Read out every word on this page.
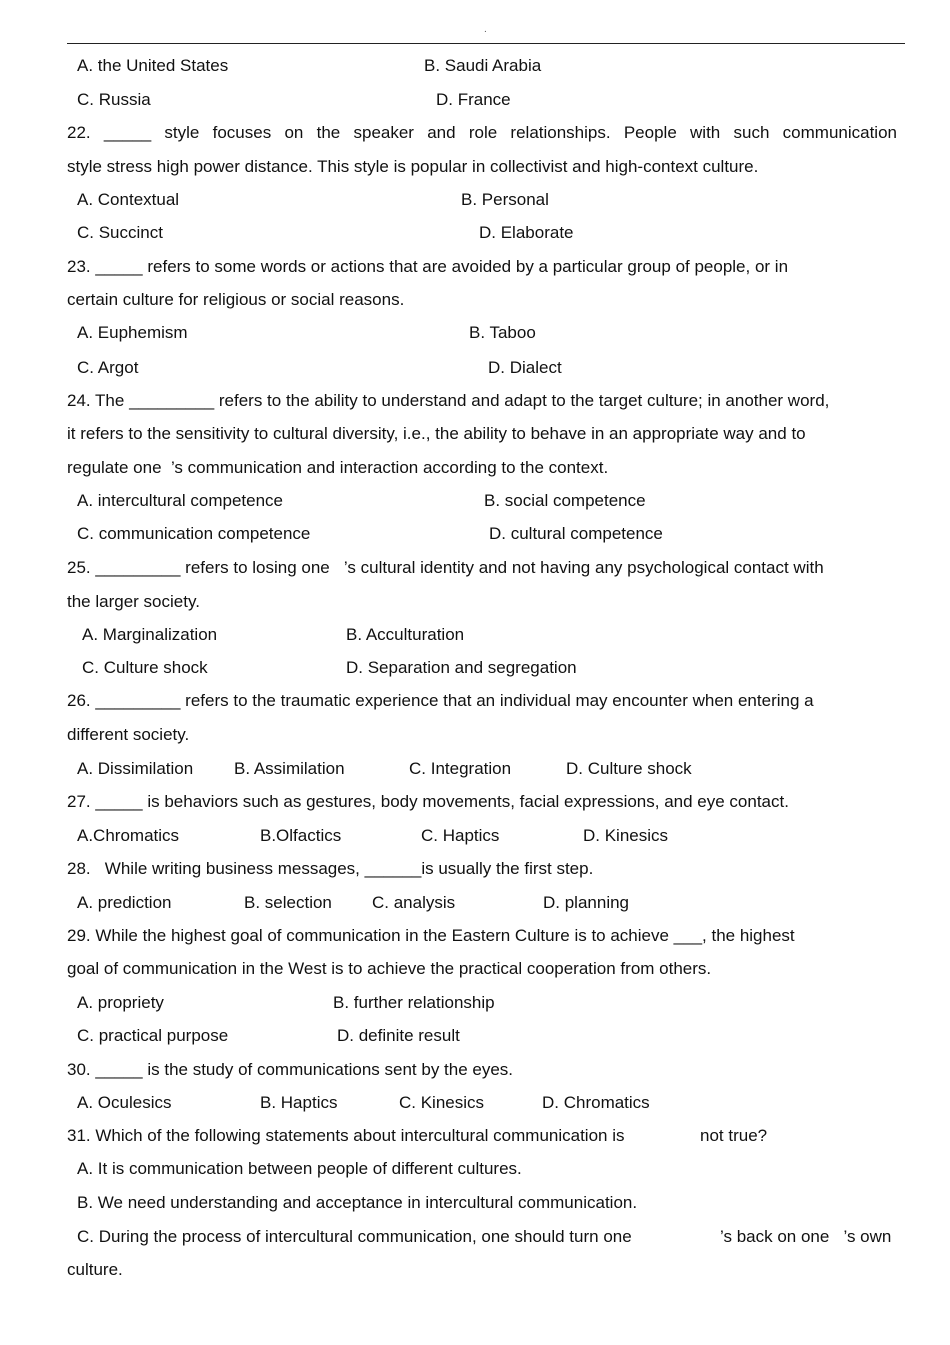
.
A. the United States	B. Saudi Arabia
C. Russia	D. France
22. _____ style focuses on the speaker and role relationships. People with such communication
style stress high power distance. This style is popular in collectivist and high-context culture.
A. Contextual	B. Personal
C. Succinct	D. Elaborate
23. _____ refers to some words or actions that are avoided by a particular group of people, or in
certain culture for religious or social reasons.
A. Euphemism	B. Taboo
C. Argot	D. Dialect
24. The _________ refers to the ability to understand and adapt to the target culture; in another word,
it refers to the sensitivity to cultural diversity, i.e., the ability to behave in an appropriate way and to
regulate one  ’s communication and interaction according to the context.
A. intercultural competence	B. social competence
C. communication competence	D. cultural competence
25. _________ refers to losing one   ’s cultural identity and not having any psychological contact with
the larger society.
A. Marginalization	B. Acculturation
C. Culture shock	D. Separation and segregation
26. _________ refers to the traumatic experience that an individual may encounter when entering a
different society.
A. Dissimilation B. Assimilation	C. Integration	D. Culture shock
27. _____ is behaviors such as gestures, body movements, facial expressions, and eye contact.
A.Chromatics	B.Olfactics	C. Haptics	D. Kinesics
28.   While writing business messages, ______is usually the first step.
A. prediction	B. selection C. analysis	D. planning
29. While the highest goal of communication in the Eastern Culture is to achieve ___, the highest
goal of communication in the West is to achieve the practical cooperation from others.
A. propriety	B. further relationship
C. practical purpose	D. definite result
30. _____ is the study of communications sent by the eyes.
A. Oculesics	B. Haptics	C. Kinesics	D. Chromatics
31. Which of the following statements about intercultural communication is	not true?
A. It is communication between people of different cultures.
B. We need understanding and acceptance in intercultural communication.
C. During the process of intercultural communication, one should turn one	’s back on one   ’s own
culture.
